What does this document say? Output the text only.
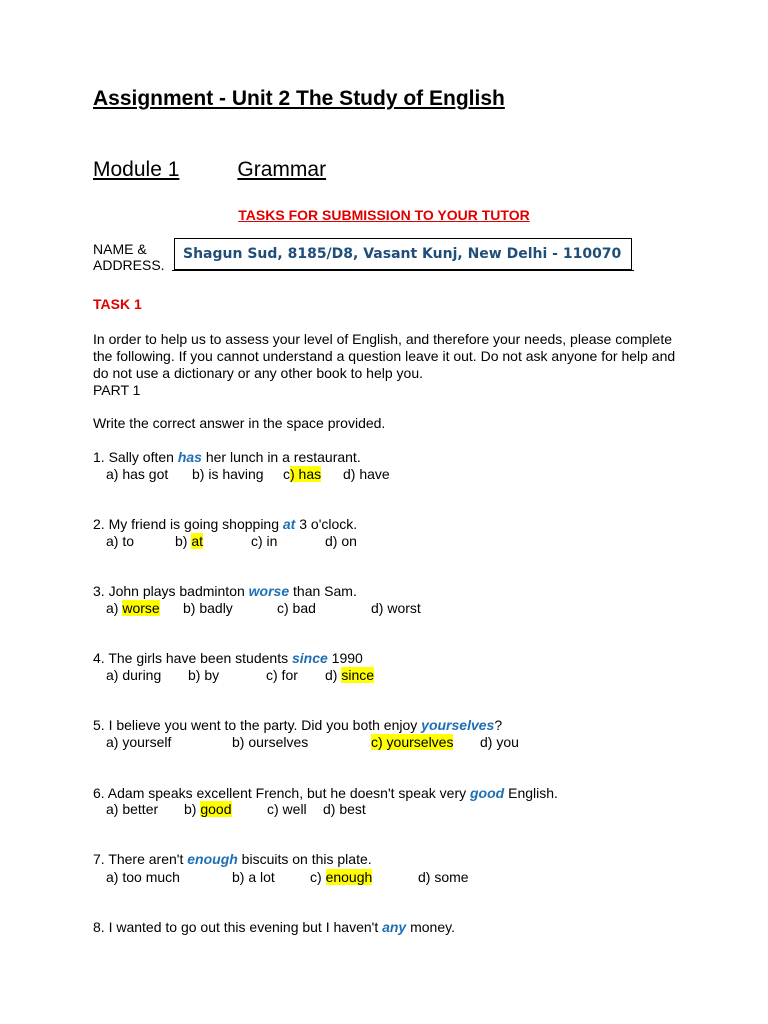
Assignment - Unit 2 The Study of English
Module 1	Grammar
TASKS FOR SUBMISSION TO YOUR TUTOR
NAME &
ADDRESS.
Shagun Sud, 8185/D8, Vasant Kunj, New Delhi - 110070
TASK 1
In order to help us to assess your level of English, and therefore your needs, please complete the following. If you cannot understand a question leave it out. Do not ask anyone for help and do not use a dictionary or any other book to help you.
PART 1
Write the correct answer in the space provided.
1. Sally often has her lunch in a restaurant.
a) has got b) is having c) has d) have
2. My friend is going shopping at 3 o'clock.
a) to	b) at	c) in	d) on
3. John plays badminton worse than Sam.
a) worse b) badly	c) bad	d) worst
4. The girls have been students since 1990
a) during b) by	c) for d) since
5. I believe you went to the party. Did you both enjoy yourselves?
a) yourself	b) ourselves	c) yourselves d) you
6. Adam speaks excellent French, but he doesn't speak very good English.
a) better b) good	c) well d) best
7. There aren't enough biscuits on this plate.
a) too much	b) a lot	c) enough	d) some
8. I wanted to go out this evening but I haven't any money.
